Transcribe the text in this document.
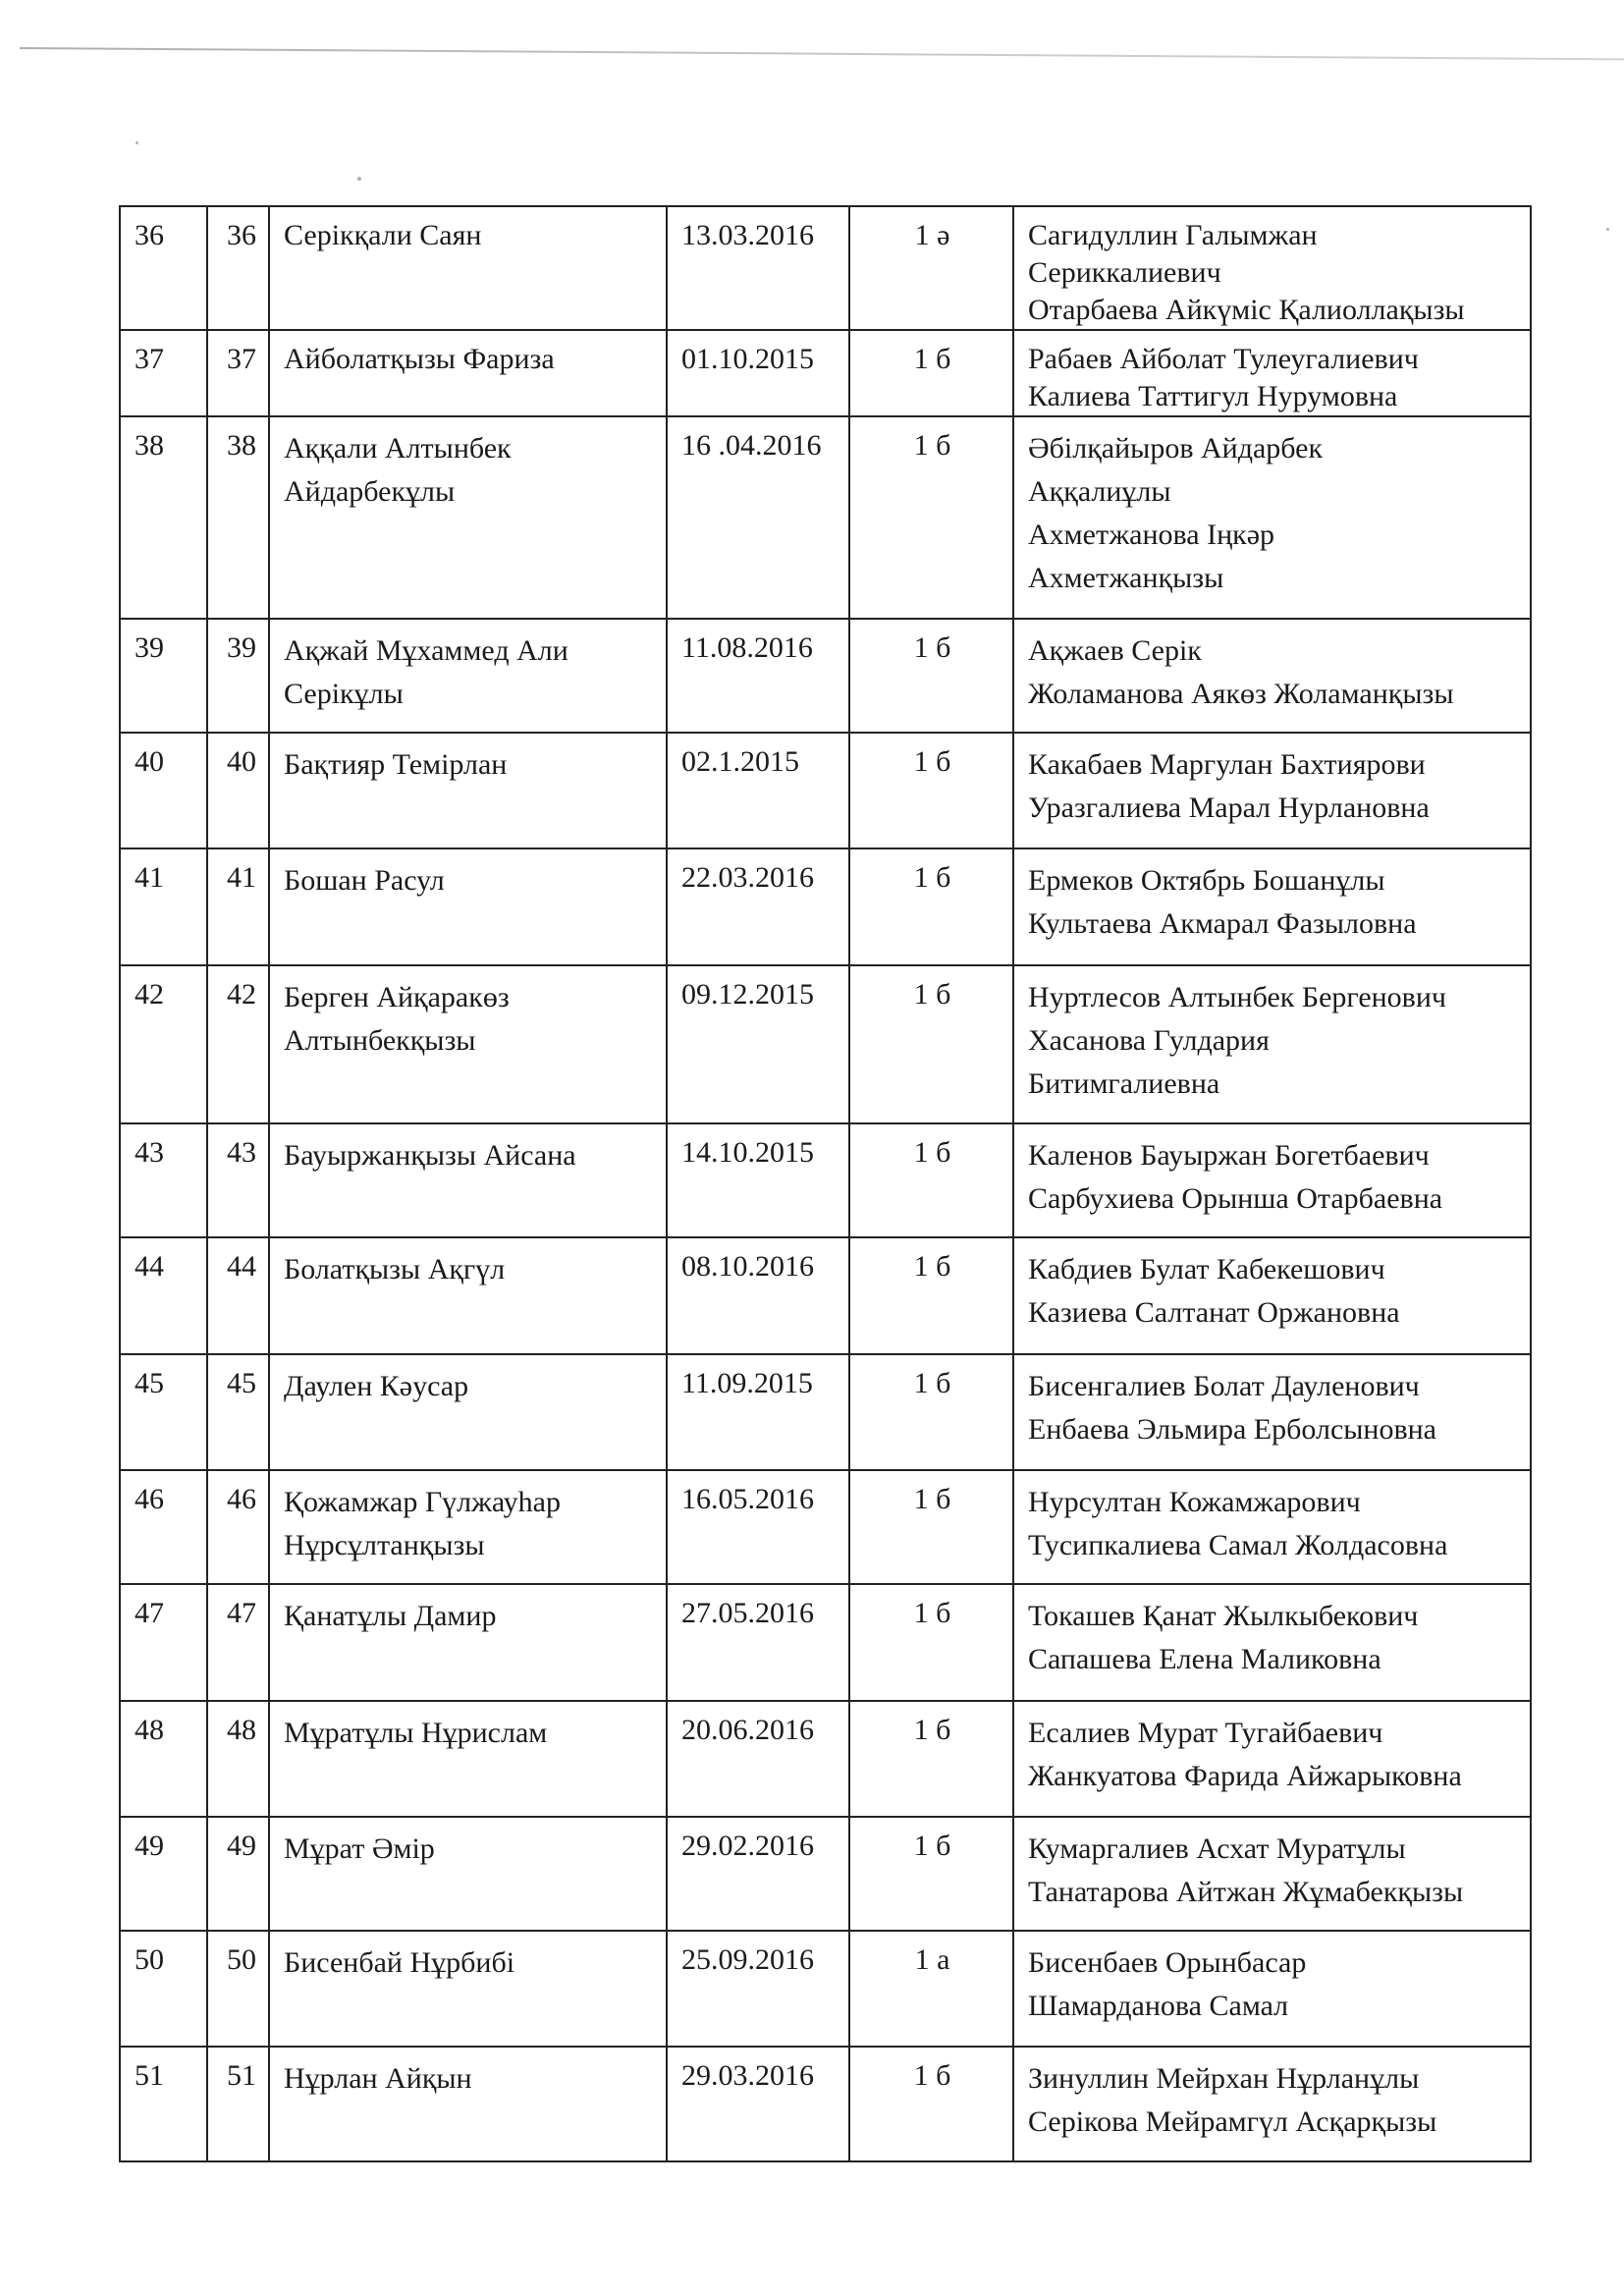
36	36	Серікқали Саян	13.03.2016	1 ә	Сагидуллин Галымжан
Сериккалиевич
Отарбаева Айкүміс Қалиоллақызы

37	37	Айболатқызы Фариза	01.10.2015	1 б	Рабаев Айболат Тулеугалиевич
Калиева Таттигул Нурумовна

38	38	Аққали Алтынбек
Айдарбекұлы	16 .04.2016	1 б	Әбілқайыров Айдарбек
Аққалиұлы
Ахметжанова Іңкәр
Ахметжанқызы

39	39	Ақжай Мұхаммед Али
Серікұлы	11.08.2016	1 б	Ақжаев Серік
Жоламанова Аякөз Жоламанқызы

40	40	Бақтияр Темірлан	02.1.2015	1 б	Какабаев Маргулан Бахтиярови
Уразгалиева Марал Нурлановна

41	41	Бошан Расул	22.03.2016	1 б	Ермеков Октябрь Бошанұлы
Культаева Акмарал Фазыловна

42	42	Берген Айқаракөз
Алтынбекқызы	09.12.2015	1 б	Нуртлесов Алтынбек Бергенович
Хасанова Гулдария
Битимгалиевна

43	43	Бауыржанқызы Айсана	14.10.2015	1 б	Каленов Бауыржан Богетбаевич
Сарбухиева Орынша Отарбаевна

44	44	Болатқызы Ақгүл	08.10.2016	1 б	Кабдиев Булат Кабекешович
Казиева Салтанат Оржановна

45	45	Даулен Кәусар	11.09.2015	1 б	Бисенгалиев Болат Дауленович
Енбаева Эльмира Ерболсыновна

46	46	Қожамжар Гүлжауһар
Нұрсұлтанқызы	16.05.2016	1 б	Нурсултан Кожамжарович
Тусипкалиева Самал Жолдасовна

47	47	Қанатұлы Дамир	27.05.2016	1 б	Токашев Қанат Жылкыбекович
Сапашева Елена Маликовна

48	48	Мұратұлы Нұрислам	20.06.2016	1 б	Есалиев Мурат Тугайбаевич
Жанкуатова Фарида Айжарыковна

49	49	Мұрат Әмір	29.02.2016	1 б	Кумаргалиев Асхат Муратұлы
Танатарова Айтжан Жұмабекқызы

50	50	Бисенбай Нұрбибі	25.09.2016	1 а	Бисенбаев Орынбасар
Шамарданова Самал

51	51	Нұрлан Айқын	29.03.2016	1 б	Зинуллин Мейрхан Нұрланұлы
Серікова Мейрамгүл Асқарқызы
